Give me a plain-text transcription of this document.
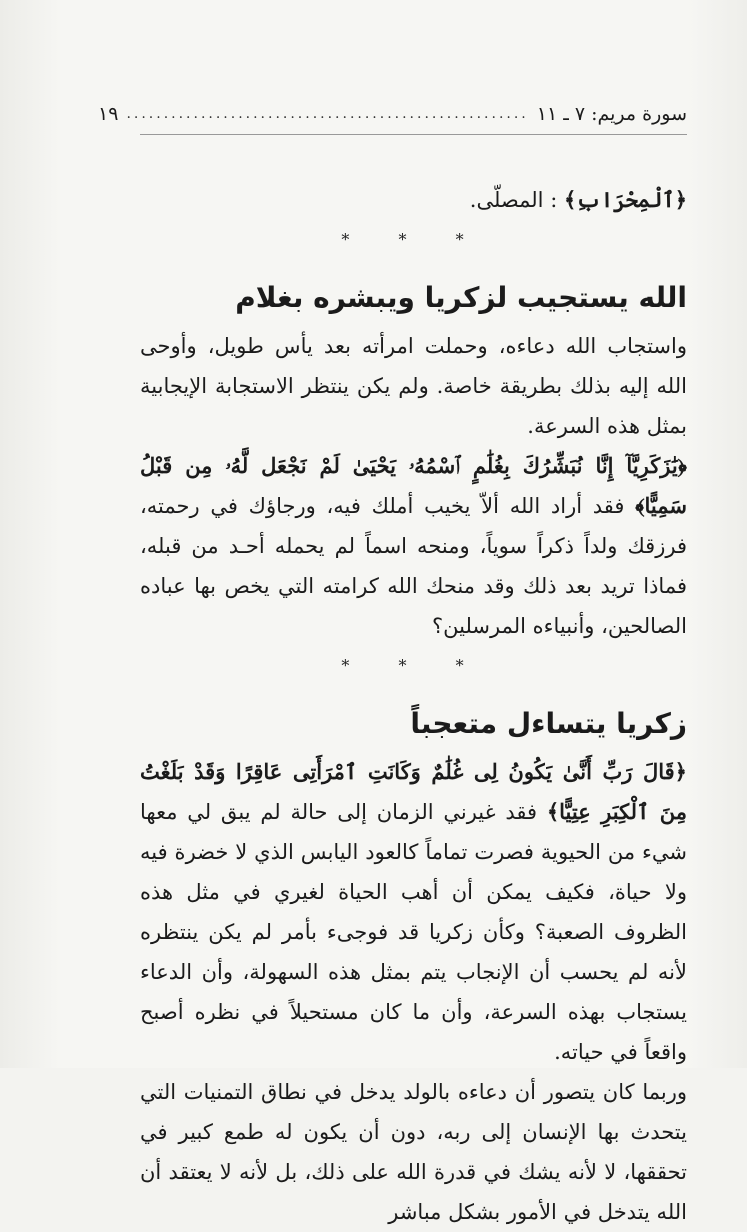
سورة مريم: ٧ ـ ١١
......................................................
١٩

﴿ٱلْمِحْرَابِ﴾ : المصلّى.

* * *
الله يستجيب لزكريا ويبشره بغلام

واستجاب الله دعاءه، وحملت امرأته بعد يأس طويل، وأوحى الله إليه بذلك بطريقة خاصة. ولم يكن ينتظر الاستجابة الإيجابية بمثل هذه السرعة.

﴿يَٰزَكَرِيَّآ إِنَّا نُبَشِّرُكَ بِغُلَٰمٍ ٱسْمُهُۥ يَحْيَىٰ لَمْ نَجْعَل لَّهُۥ مِن قَبْلُ سَمِيًّا﴾ فقد أراد الله ألاّ يخيب أملك فيه، ورجاؤك في رحمته، فرزقك ولداً ذكراً سوياً، ومنحه اسماً لم يحمله أحـد من قبله، فماذا تريد بعد ذلك وقد منحك الله كرامته التي يخص بها عباده الصالحين، وأنبياءه المرسلين؟

* * *
زكريا يتساءل متعجباً

﴿قَالَ رَبِّ أَنَّىٰ يَكُونُ لِى غُلَٰمٌ وَكَانَتِ ٱمْرَأَتِى عَاقِرًا وَقَدْ بَلَغْتُ مِنَ ٱلْكِبَرِ عِتِيًّا﴾ فقد غيرني الزمان إلى حالة لم يبق لي معها شيء من الحيوية فصرت تماماً كالعود اليابس الذي لا خضرة فيه ولا حياة، فكيف يمكن أن أهب الحياة لغيري في مثل هذه الظروف الصعبة؟ وكأن زكريا قد فوجىء بأمر لم يكن ينتظره لأنه لم يحسب أن الإنجاب يتم بمثل هذه السهولة، وأن الدعاء يستجاب بهذه السرعة، وأن ما كان مستحيلاً في نظره أصبح واقعاً في حياته.

وربما كان يتصور أن دعاءه بالولد يدخل في نطاق التمنيات التي يتحدث بها الإنسان إلى ربه، دون أن يكون له طمع كبير في تحققها، لا لأنه يشك في قدرة الله على ذلك، بل لأنه لا يعتقد أن الله يتدخل في الأمور بشكل مباشر
